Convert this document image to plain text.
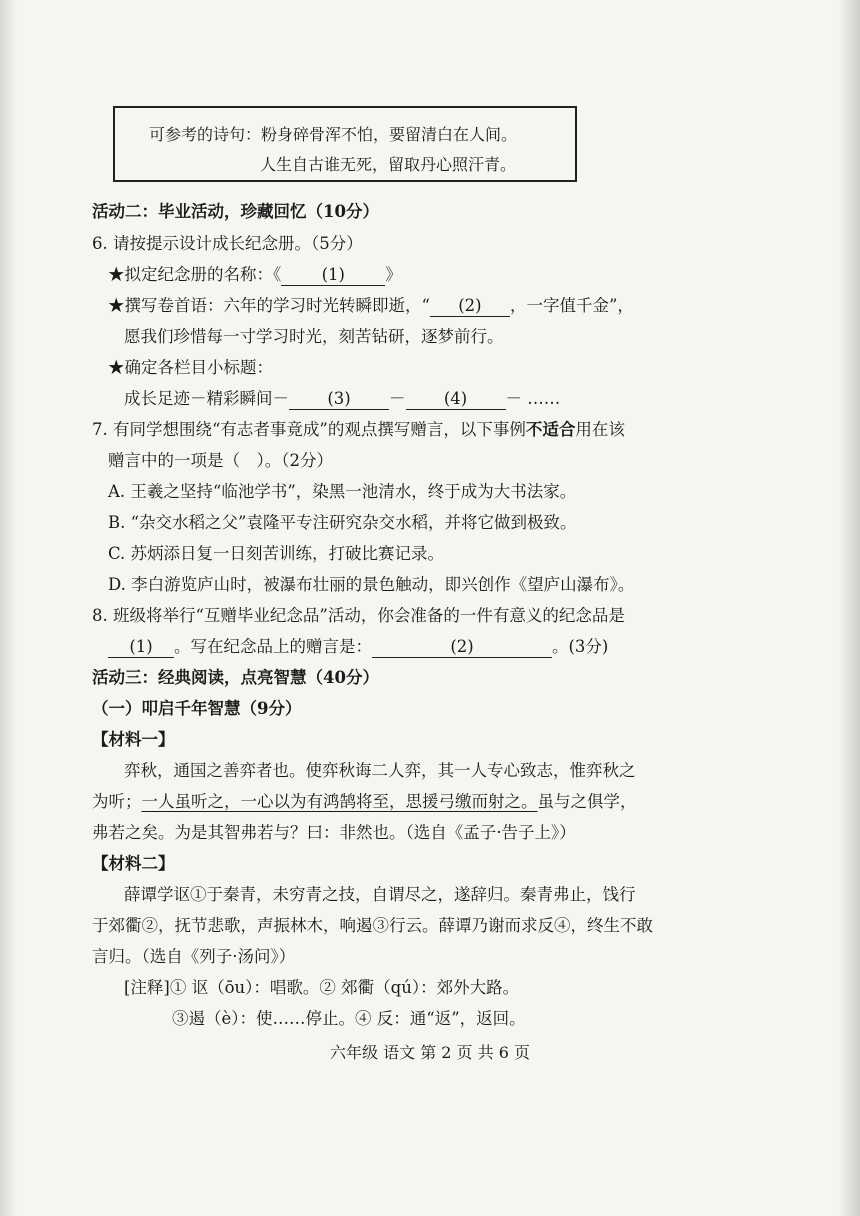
可参考的诗句：粉身碎骨浑不怕，要留清白在人间。
人生自古谁无死，留取丹心照汗青。
活动二：毕业活动，珍藏回忆（10分）
6. 请按提示设计成长纪念册。（5分）
★拟定纪念册的名称：《 (1) 》
★撰写卷首语：六年的学习时光转瞬即逝，“ (2) ，一字值千金”，
愿我们珍惜每一寸学习时光，刻苦钻研，逐梦前行。
★确定各栏目小标题：
成长足迹－精彩瞬间－ (3) － (4) － ……
7. 有同学想围绕“有志者事竟成”的观点撰写赠言，以下事例不适合用在该
赠言中的一项是（　）。（2分）
A. 王羲之坚持“临池学书”，染黑一池清水，终于成为大书法家。
B. “杂交水稻之父”袁隆平专注研究杂交水稻，并将它做到极致。
C. 苏炳添日复一日刻苦训练，打破比赛记录。
D. 李白游览庐山时，被瀑布壮丽的景色触动，即兴创作《望庐山瀑布》。
8. 班级将举行“互赠毕业纪念品”活动，你会准备的一件有意义的纪念品是
(1) 。写在纪念品上的赠言是：	(2)	。(3分)
活动三：经典阅读，点亮智慧（40分）
（一）叩启千年智慧（9分）
【材料一】
弈秋，通国之善弈者也。使弈秋诲二人弈，其一人专心致志，惟弈秋之
为听；一人虽听之，一心以为有鸿鹄将至，思援弓缴而射之。虽与之俱学，
弗若之矣。为是其智弗若与？曰：非然也。（选自《孟子·告子上》）
【材料二】
薛谭学讴①于秦青，未穷青之技，自谓尽之，遂辞归。秦青弗止，饯行
于郊衢②，抚节悲歌，声振林木，响遏③行云。薛谭乃谢而求反④，终生不敢
言归。（选自《列子·汤问》）
[注释]① 讴（ōu）：唱歌。② 郊衢（qú）：郊外大路。
③遏（è）：使……停止。④ 反：通“返”，返回。
六年级 语文 第 2 页 共 6 页
